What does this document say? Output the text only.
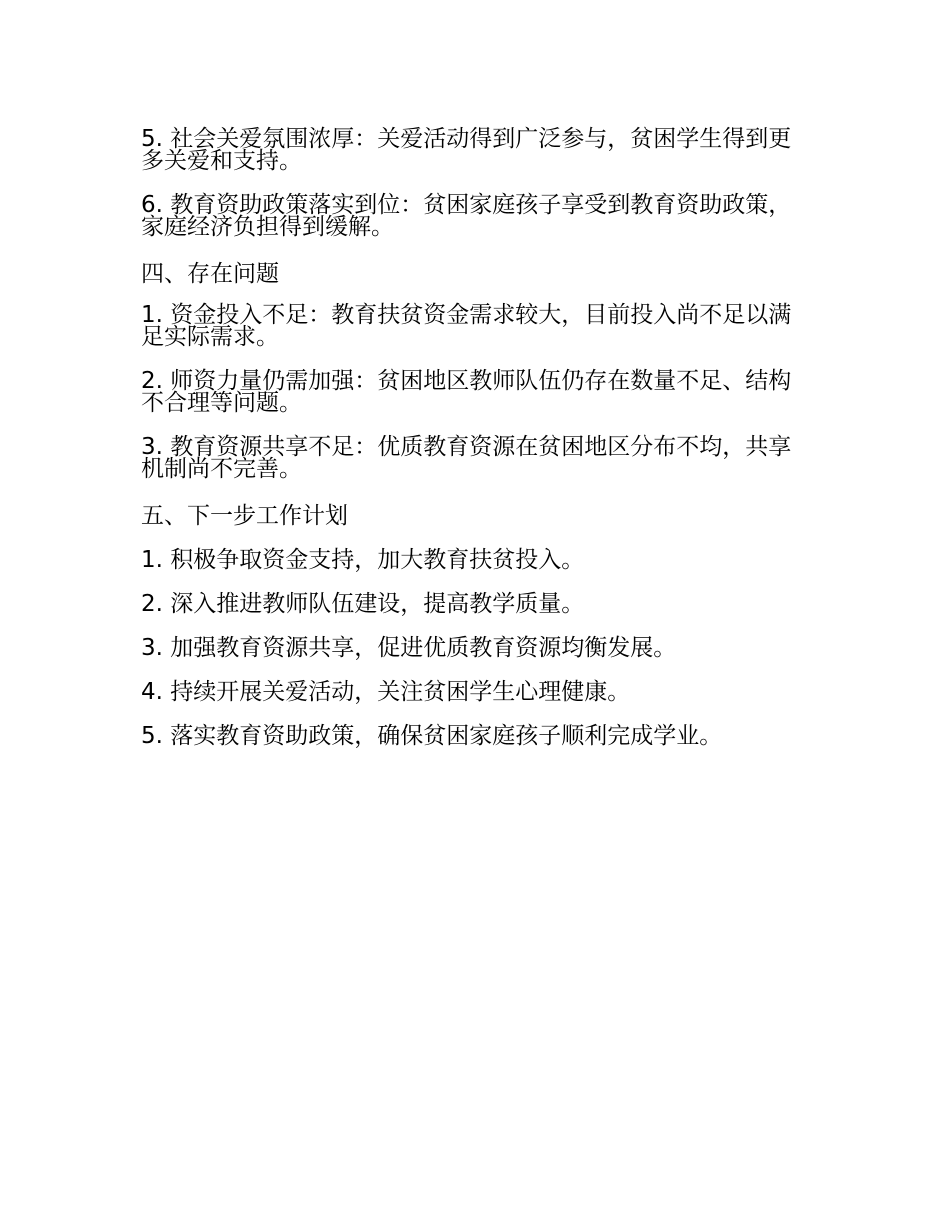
5. 社会关爱氛围浓厚：关爱活动得到广泛参与，贫困学生得到更多关爱和支持。

6. 教育资助政策落实到位：贫困家庭孩子享受到教育资助政策，家庭经济负担得到缓解。

四、存在问题

1. 资金投入不足：教育扶贫资金需求较大，目前投入尚不足以满足实际需求。

2. 师资力量仍需加强：贫困地区教师队伍仍存在数量不足、结构不合理等问题。

3. 教育资源共享不足：优质教育资源在贫困地区分布不均，共享机制尚不完善。

五、下一步工作计划

1. 积极争取资金支持，加大教育扶贫投入。

2. 深入推进教师队伍建设，提高教学质量。

3. 加强教育资源共享，促进优质教育资源均衡发展。

4. 持续开展关爱活动，关注贫困学生心理健康。

5. 落实教育资助政策，确保贫困家庭孩子顺利完成学业。
